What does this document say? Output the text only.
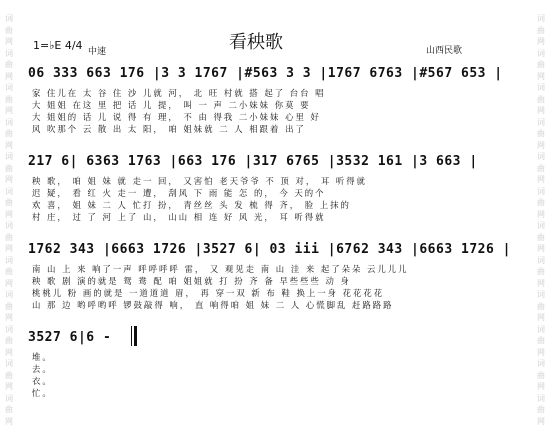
词
曲
网
词
曲
网
词
曲
网
词
曲
网
词
曲
网
词
曲
网
词
曲
网
词
曲
网
词
曲
网
词
曲
网
词
曲
网
词
曲
网
词
曲
网
词
曲
网
词
曲
网
词
曲
网
词
曲
网
词
曲
网
词
曲
网
词
曲
网
词
曲
网
词
曲
网
词
曲
网
词
曲
网
看秧歌
1=♭E 4/4 中速	山西民歌
06 333 663 176 |3 3 1767 |#563 3 3 |1767 6763 |#567 653 |
家 住儿在 太 谷 住 沙 儿就 河， 北 旺 村就 搭 起了 台台 唱
大 姐姐 在这 里 把 话 儿 提， 叫 一 声 二小妹妹 你莫 要
大 姐姐的 话 儿 说 得 有 理， 不 由 得我 二小妹妹 心里 好
风 吹那个 云 散 出 太 阳， 咱 姐妹就 二 人 相跟着 出了
217 6| 6363 1763 |663 176 |317 6765 |3532 161 |3 663 |
秧 歌， 咱 姐 妹 就 走一 回， 又害怕 老天爷爷 不 顶 对， 耳 听得就
迟 疑， 看 红 火 走一 遭， 刮风 下 雨 能 怎 的， 今 天的个
欢 喜， 姐 妹 二 人 忙打 扮， 青丝丝 头 发 梳 得 齐， 脸 上抹的
村 庄， 过 了 河 上了 山， 山山 相 连 好 风 光， 耳 听得就
1762 343 |6663 1726 |3527 6| 03 iii |6762 343 |6663 1726 |
南 山 上 来 响了一声 呼呼呼呼 雷， 又 观见走 南 山 洼 来 起了朵朵 云儿儿儿
秧 歌 剧 演的就是 鸳 鸯 配 咱 姐姐就 打 扮 齐 备 早些些些 动 身
桃桃儿 粉 画的就是 一道道道 眉， 再 穿一双 新 布 鞋 换上一身 花花花花
山 那 边 哟呼哟呼 锣鼓敲得 响， 直 响得咱 姐 妹 二 人 心慌脚乱 赶路路路
3527 6|6 -
堆。
去。
衣。
忙。
